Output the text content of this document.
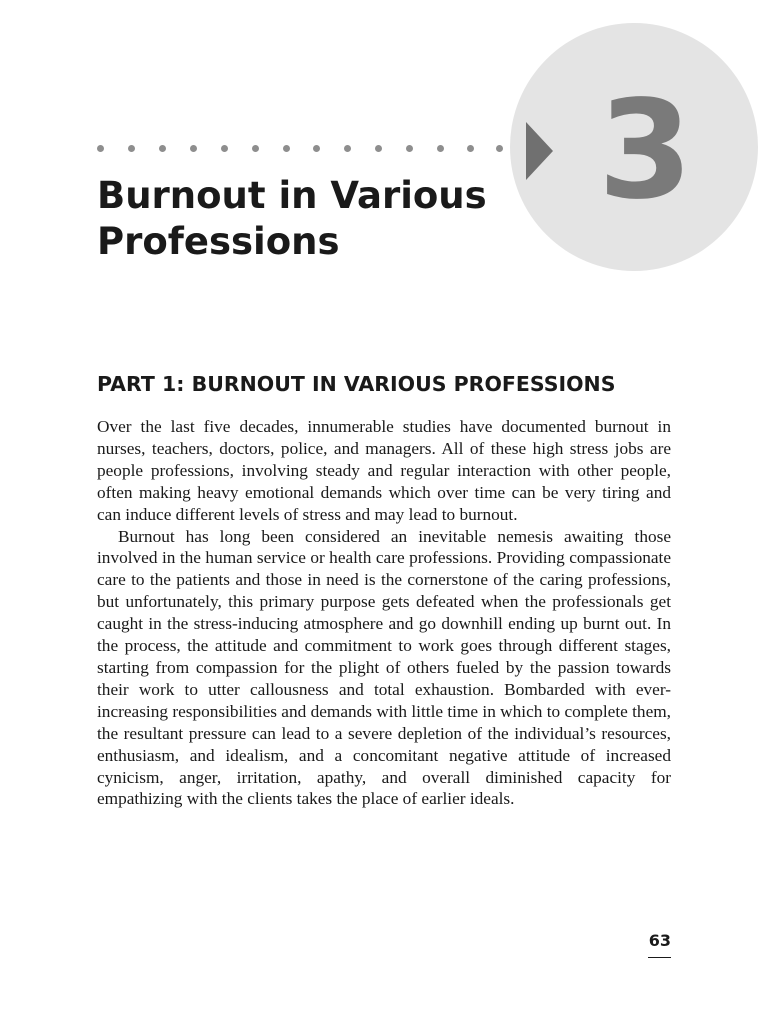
3
Burnout in Various
Professions
PART 1: BURNOUT IN VARIOUS PROFESSIONS

Over the last five decades, innumerable studies have documented burnout in nurses, teachers, doctors, police, and managers. All of these high stress jobs are people professions, involving steady and regular interaction with other people, often making heavy emotional demands which over time can be very tiring and can induce different levels of stress and may lead to burnout.

Burnout has long been considered an inevitable nemesis awaiting those involved in the human service or health care professions. Providing compassionate care to the patients and those in need is the cornerstone of the caring professions, but unfortunately, this primary purpose gets defeated when the professionals get caught in the stress-inducing atmosphere and go downhill ending up burnt out. In the process, the attitude and commitment to work goes through different stages, starting from compassion for the plight of others fueled by the passion towards their work to utter callousness and total exhaustion. Bombarded with ever-increasing responsibilities and demands with little time in which to complete them, the resultant pressure can lead to a severe depletion of the individual’s resources, enthusiasm, and idealism, and a concomitant negative attitude of increased cynicism, anger, irritation, apathy, and overall diminished capacity for empathizing with the clients takes the place of earlier ideals.

63
